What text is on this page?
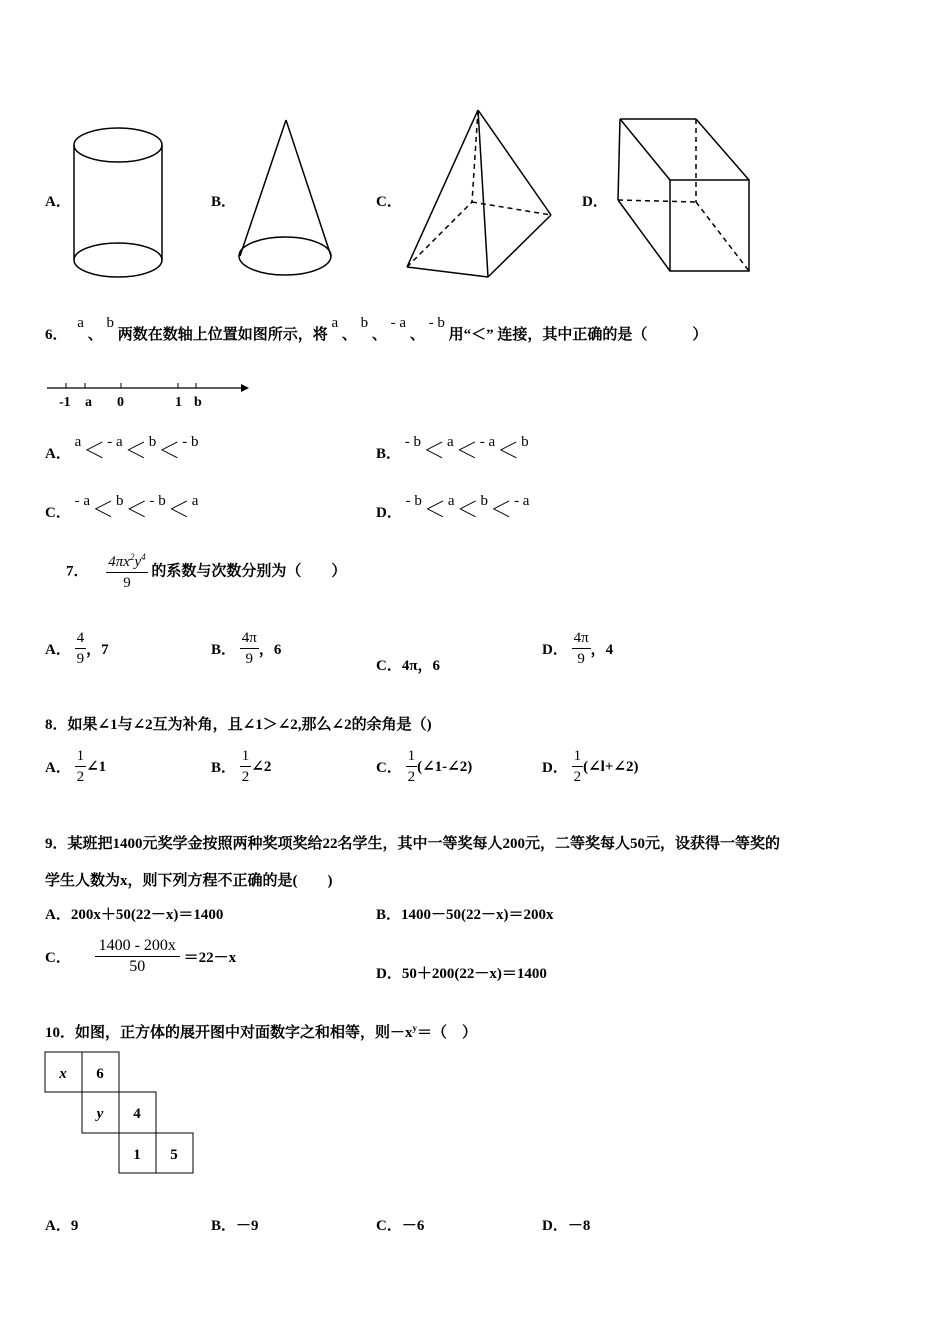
A．	B．	C．	D．
6． a 、 b 两数在数轴上位置如图所示，将 a 、 b 、 - a 、 - b 用“＜” 连接，其中正确的是（　　　）
-1 a 0	1 b
A． a＜ - a＜ b＜ - b
B． - b＜ a＜ - a＜ b
C． - a＜ b＜ - b＜ a
D． - b＜ a＜ b＜ - a
7． $\frac{4\pi x^2y^4}{9}$ 的系数与次数分别为（　　）
A． $\frac{4}{9}$ ，7	B． $\frac{4\pi}{9}$ ，6
C．4π，6
D． $\frac{4\pi}{9}$ ，4
8．如果∠1与∠2互为补角，且∠1＞∠2,那么∠2的余角是（)
A． $\frac{1}{2}$ ∠1	B． $\frac{1}{2}$ ∠2	C． $\frac{1}{2}$ (∠1-∠2)	D． $\frac{1}{2}$ (∠l+∠2)
9．某班把1400元奖学金按照两种奖项奖给22名学生，其中一等奖每人200元，二等奖每人50元，设获得一等奖的
学生人数为x，则下列方程不正确的是(　　)
A．200x＋50(22－x)＝1400	B．1400－50(22－x)＝200x
C． $\frac{1400 - 200x}{50} =22-x$
D．50＋200(22－x)＝1400
10．如图，正方体的展开图中对面数字之和相等，则$-x^y=$（　）
x 6
y 4
1 5
A．9	B．－9	C．－6	D．－8
